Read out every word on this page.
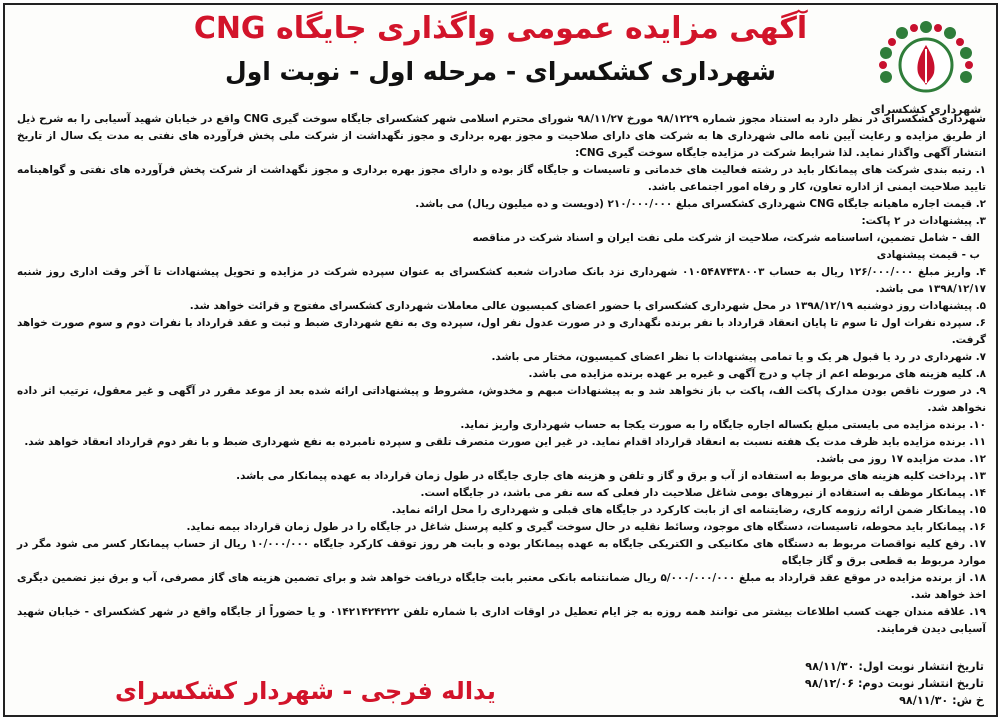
شهرداری کشکسرای
آگهی مزایده عمومی واگذاری جایگاه CNG
شهرداری کشکسرای - مرحله اول - نوبت اول

شهرداری کشکسرای در نظر دارد به استناد مجوز شماره ۹۸/۱۲۲۹ مورخ ۹۸/۱۱/۲۷ شورای محترم اسلامی شهر کشکسرای جایگاه سوخت گیری CNG واقع در خیابان شهید آسیابی را به شرح ذیل از طریق مزایده و رعایت آیین نامه مالی شهرداری ها به شرکت های دارای صلاحیت و مجوز بهره برداری و مجوز نگهداشت از شرکت ملی پخش فرآورده های نفتی به مدت یک سال از تاریخ انتشار آگهی واگذار نماید. لذا شرایط شرکت در مزایده جایگاه سوخت گیری CNG:

۱. رتبه بندی شرکت های پیمانکار باید در رشته فعالیت های خدماتی و تاسیسات و جایگاه گاز بوده و دارای مجوز بهره برداری و مجوز نگهداشت از شرکت پخش فرآورده های نفتی و گواهینامه تایید صلاحیت ایمنی از اداره تعاون، کار و رفاه امور اجتماعی باشد.
۲. قیمت اجاره ماهیانه جایگاه CNG شهرداری کشکسرای مبلغ ۲۱۰/۰۰۰/۰۰۰ (دویست و ده میلیون ریال) می باشد.
۳. پیشنهادات در ۲ پاکت:
الف - شامل تضمین، اساسنامه شرکت، صلاحیت از شرکت ملی نفت ایران و اسناد شرکت در مناقصه
ب - قیمت پیشنهادی
۴. واریز مبلغ ۱۲۶/۰۰۰/۰۰۰ ریال به حساب ۰۱۰۵۴۸۷۴۳۸۰۰۳ شهرداری نزد بانک صادرات شعبه کشکسرای به عنوان سپرده شرکت در مزایده و تحویل پیشنهادات تا آخر وقت اداری روز شنبه ۱۳۹۸/۱۲/۱۷ می باشد.
۵. پیشنهادات روز دوشنبه ۱۳۹۸/۱۲/۱۹ در محل شهرداری کشکسرای با حضور اعضای کمیسیون عالی معاملات شهرداری کشکسرای مفتوح و قرائت خواهد شد.
۶. سپرده نفرات اول تا سوم تا پایان انعقاد قرارداد با نفر برنده نگهداری و در صورت عدول نفر اول، سپرده وی به نفع شهرداری ضبط و ثبت و عقد قرارداد با نفرات دوم و سوم صورت خواهد گرفت.
۷. شهرداری در رد یا قبول هر یک و یا تمامی پیشنهادات با نظر اعضای کمیسیون، مختار می باشد.
۸. کلیه هزینه های مربوطه اعم از چاپ و درج آگهی و غیره بر عهده برنده مزایده می باشد.
۹. در صورت ناقص بودن مدارک پاکت الف، پاکت ب باز نخواهد شد و به پیشنهادات مبهم و مخدوش، مشروط و پیشنهاداتی ارائه شده بعد از موعد مقرر در آگهی و غیر معقول، ترتیب اثر داده نخواهد شد.
۱۰. برنده مزایده می بایستی مبلغ یکساله اجاره جایگاه را به صورت یکجا به حساب شهرداری واریز نماید.
۱۱. برنده مزایده باید ظرف مدت یک هفته نسبت به انعقاد قرارداد اقدام نماید. در غیر این صورت متصرف تلقی و سپرده نامبرده به نفع شهرداری ضبط و با نفر دوم قرارداد انعقاد خواهد شد.
۱۲. مدت مزایده ۱۷ روز می باشد.
۱۳. پرداخت کلیه هزینه های مربوط به استفاده از آب و برق و گاز و تلفن و هزینه های جاری جایگاه در طول زمان قرارداد به عهده پیمانکار می باشد.
۱۴. پیمانکار موظف به استفاده از نیروهای بومی شاغل صلاحیت دار فعلی که سه نفر می باشد، در جایگاه است.
۱۵. پیمانکار ضمن ارائه رزومه کاری، رضایتنامه ای از بابت کارکرد در جایگاه های قبلی و شهرداری را محل ارائه نماید.
۱۶. پیمانکار باید محوطه، تاسیسات، دستگاه های موجود، وسائط نقلیه در حال سوخت گیری و کلیه پرسنل شاغل در جایگاه را در طول زمان قرارداد بیمه نماید.
۱۷. رفع کلیه نواقصات مربوط به دستگاه های مکانیکی و الکتریکی جایگاه به عهده پیمانکار بوده و بابت هر روز توقف کارکرد جایگاه ۱۰/۰۰۰/۰۰۰ ریال از حساب پیمانکار کسر می شود مگر در موارد مربوط به قطعی برق و گاز جایگاه
۱۸. از برنده مزایده در موقع عقد قرارداد به مبلغ ۵/۰۰۰/۰۰۰/۰۰۰ ریال ضمانتنامه بانکی معتبر بابت جایگاه دریافت خواهد شد و برای تضمین هزینه های گاز مصرفی، آب و برق نیز تضمین دیگری اخذ خواهد شد.
۱۹. علاقه مندان جهت کسب اطلاعات بیشتر می توانند همه روزه به جز ایام تعطیل در اوقات اداری با شماره تلفن ۰۱۴۲۱۴۲۴۲۲۲ و یا حضوراً از جایگاه واقع در شهر کشکسرای - خیابان شهید آسیابی دیدن فرمایند.
تاریخ انتشار نوبت اول: ۹۸/۱۱/۳۰
تاریخ انتشار نوبت دوم: ۹۸/۱۲/۰۶
خ ش: ۹۸/۱۱/۳۰
یداله فرجی - شهردار کشکسرای
